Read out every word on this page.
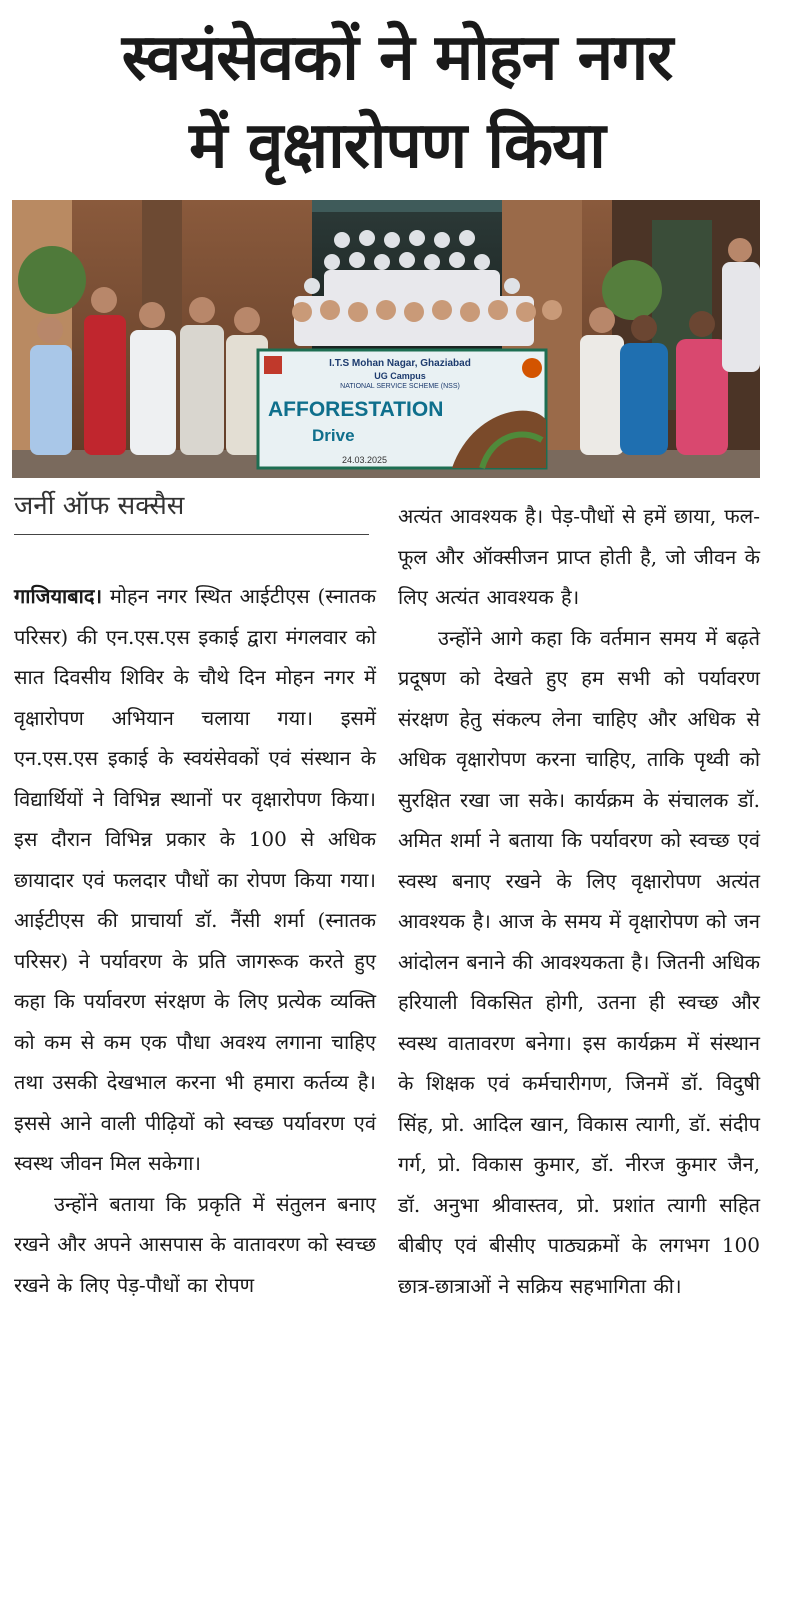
स्वयंसेवकों ने मोहन नगर
में वृक्षारोपण किया
I.T.S Mohan Nagar, Ghaziabad
UG Campus
NATIONAL SERVICE SCHEME (NSS)
AFFORESTATION
Drive
24.03.2025
जर्नी ऑफ सक्सैस

गाजियाबाद। मोहन नगर स्थित आईटीएस (स्नातक परिसर) की एन.एस.एस इकाई द्वारा मंगलवार को सात दिवसीय शिविर के चौथे दिन मोहन नगर में वृक्षारोपण अभियान चलाया गया। इसमें एन.एस.एस इकाई के स्वयंसेवकों एवं संस्थान के विद्यार्थियों ने विभिन्न स्थानों पर वृक्षारोपण किया। इस दौरान विभिन्न प्रकार के 100 से अधिक छायादार एवं फलदार पौधों का रोपण किया गया। आईटीएस की प्राचार्या डॉ. नैंसी शर्मा (स्नातक परिसर) ने पर्यावरण के प्रति जागरूक करते हुए कहा कि पर्यावरण संरक्षण के लिए प्रत्येक व्यक्ति को कम से कम एक पौधा अवश्य लगाना चाहिए तथा उसकी देखभाल करना भी हमारा कर्तव्य है। इससे आने वाली पीढ़ियों को स्वच्छ पर्यावरण एवं स्वस्थ जीवन मिल सकेगा।

उन्होंने बताया कि प्रकृति में संतुलन बनाए रखने और अपने आसपास के वातावरण को स्वच्छ रखने के लिए पेड़-पौधों का रोपण

अत्यंत आवश्यक है। पेड़-पौधों से हमें छाया, फल-फूल और ऑक्सीजन प्राप्त होती है, जो जीवन के लिए अत्यंत आवश्यक है।

उन्होंने आगे कहा कि वर्तमान समय में बढ़ते प्रदूषण को देखते हुए हम सभी को पर्यावरण संरक्षण हेतु संकल्प लेना चाहिए और अधिक से अधिक वृक्षारोपण करना चाहिए, ताकि पृथ्वी को सुरक्षित रखा जा सके। कार्यक्रम के संचालक डॉ. अमित शर्मा ने बताया कि पर्यावरण को स्वच्छ एवं स्वस्थ बनाए रखने के लिए वृक्षारोपण अत्यंत आवश्यक है। आज के समय में वृक्षारोपण को जन आंदोलन बनाने की आवश्यकता है। जितनी अधिक हरियाली विकसित होगी, उतना ही स्वच्छ और स्वस्थ वातावरण बनेगा। इस कार्यक्रम में संस्थान के शिक्षक एवं कर्मचारीगण, जिनमें डॉ. विदुषी सिंह, प्रो. आदिल खान, विकास त्यागी, डॉ. संदीप गर्ग, प्रो. विकास कुमार, डॉ. नीरज कुमार जैन, डॉ. अनुभा श्रीवास्तव, प्रो. प्रशांत त्यागी सहित बीबीए एवं बीसीए पाठ्यक्रमों के लगभग 100 छात्र-छात्राओं ने सक्रिय सहभागिता की।
